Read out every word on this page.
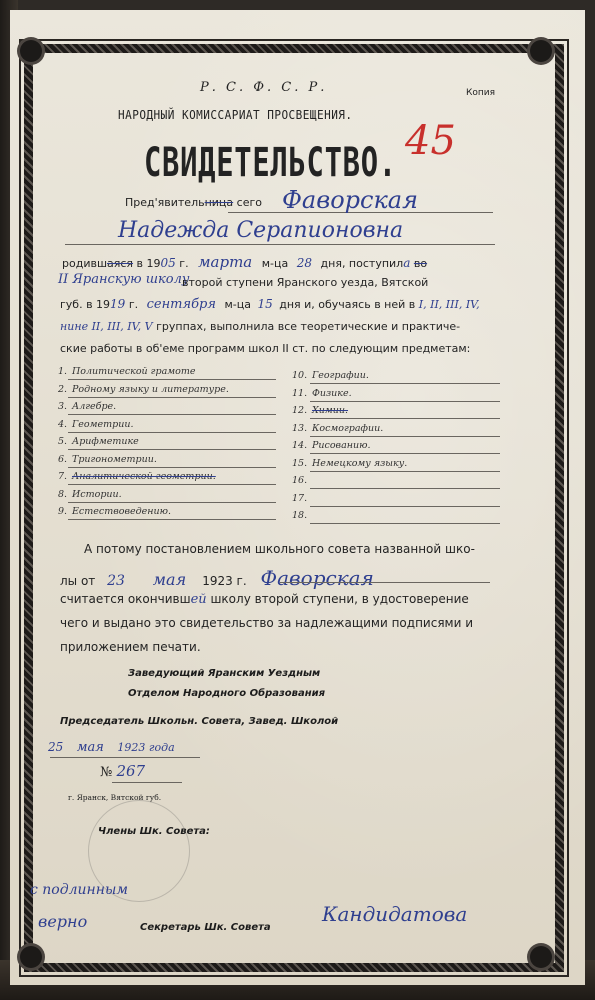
Р. С. Ф. С. Р.	Копия
НАРОДНЫЙ КОМИССАРИАТ ПРОСВЕЩЕНИЯ.
СВИДЕТЕЛЬСТВО. 45
Пред'явительница сего Фаворская
Надежда Серапионовна
родившаяся в 1905 г. марта м-ца 28 дня, поступила во
II Яранскую школу
второй ступени Яранского уезда, Вятской
губ. в 1919 г. сентября м-ца 15 дня и, обучаясь в ней в I, II, III, IV,
нине II, III, IV, V группах, выполнила все теоретические и практиче-
ские работы в об'еме программ школ II ст. по следующим предметам:
1. Политической грамоте
2. Родному языку и литературе.
3. Алгебре.
4. Геометрии.
5. Арифметике
6. Тригонометрии.
7. Аналитической геометрии.
8. Истории.
9. Естествоведению.
10. Географии.
11. Физике.
12. Химии.
13. Космографии.
14. Рисованию.
15. Немецкому языку.
16.
17.
18.
А потому постановлением школьного совета названной шко-
лы от 23 мая 1923 г. Фаворская
считается окончившей школу второй ступени, в удостоверение
чего и выдано это свидетельство за надлежащими подписями и
приложением печати.
Заведующий Яранским Уездным
Отделом Народного Образования
Председатель Школьн. Совета, Завед. Школой
25 мая 1923 года
№ 267
г. Яранск, Вятской губ.
Члены Шк. Совета:
с подлинным
верно	Секретарь Шк. Совета
Кандидатова
